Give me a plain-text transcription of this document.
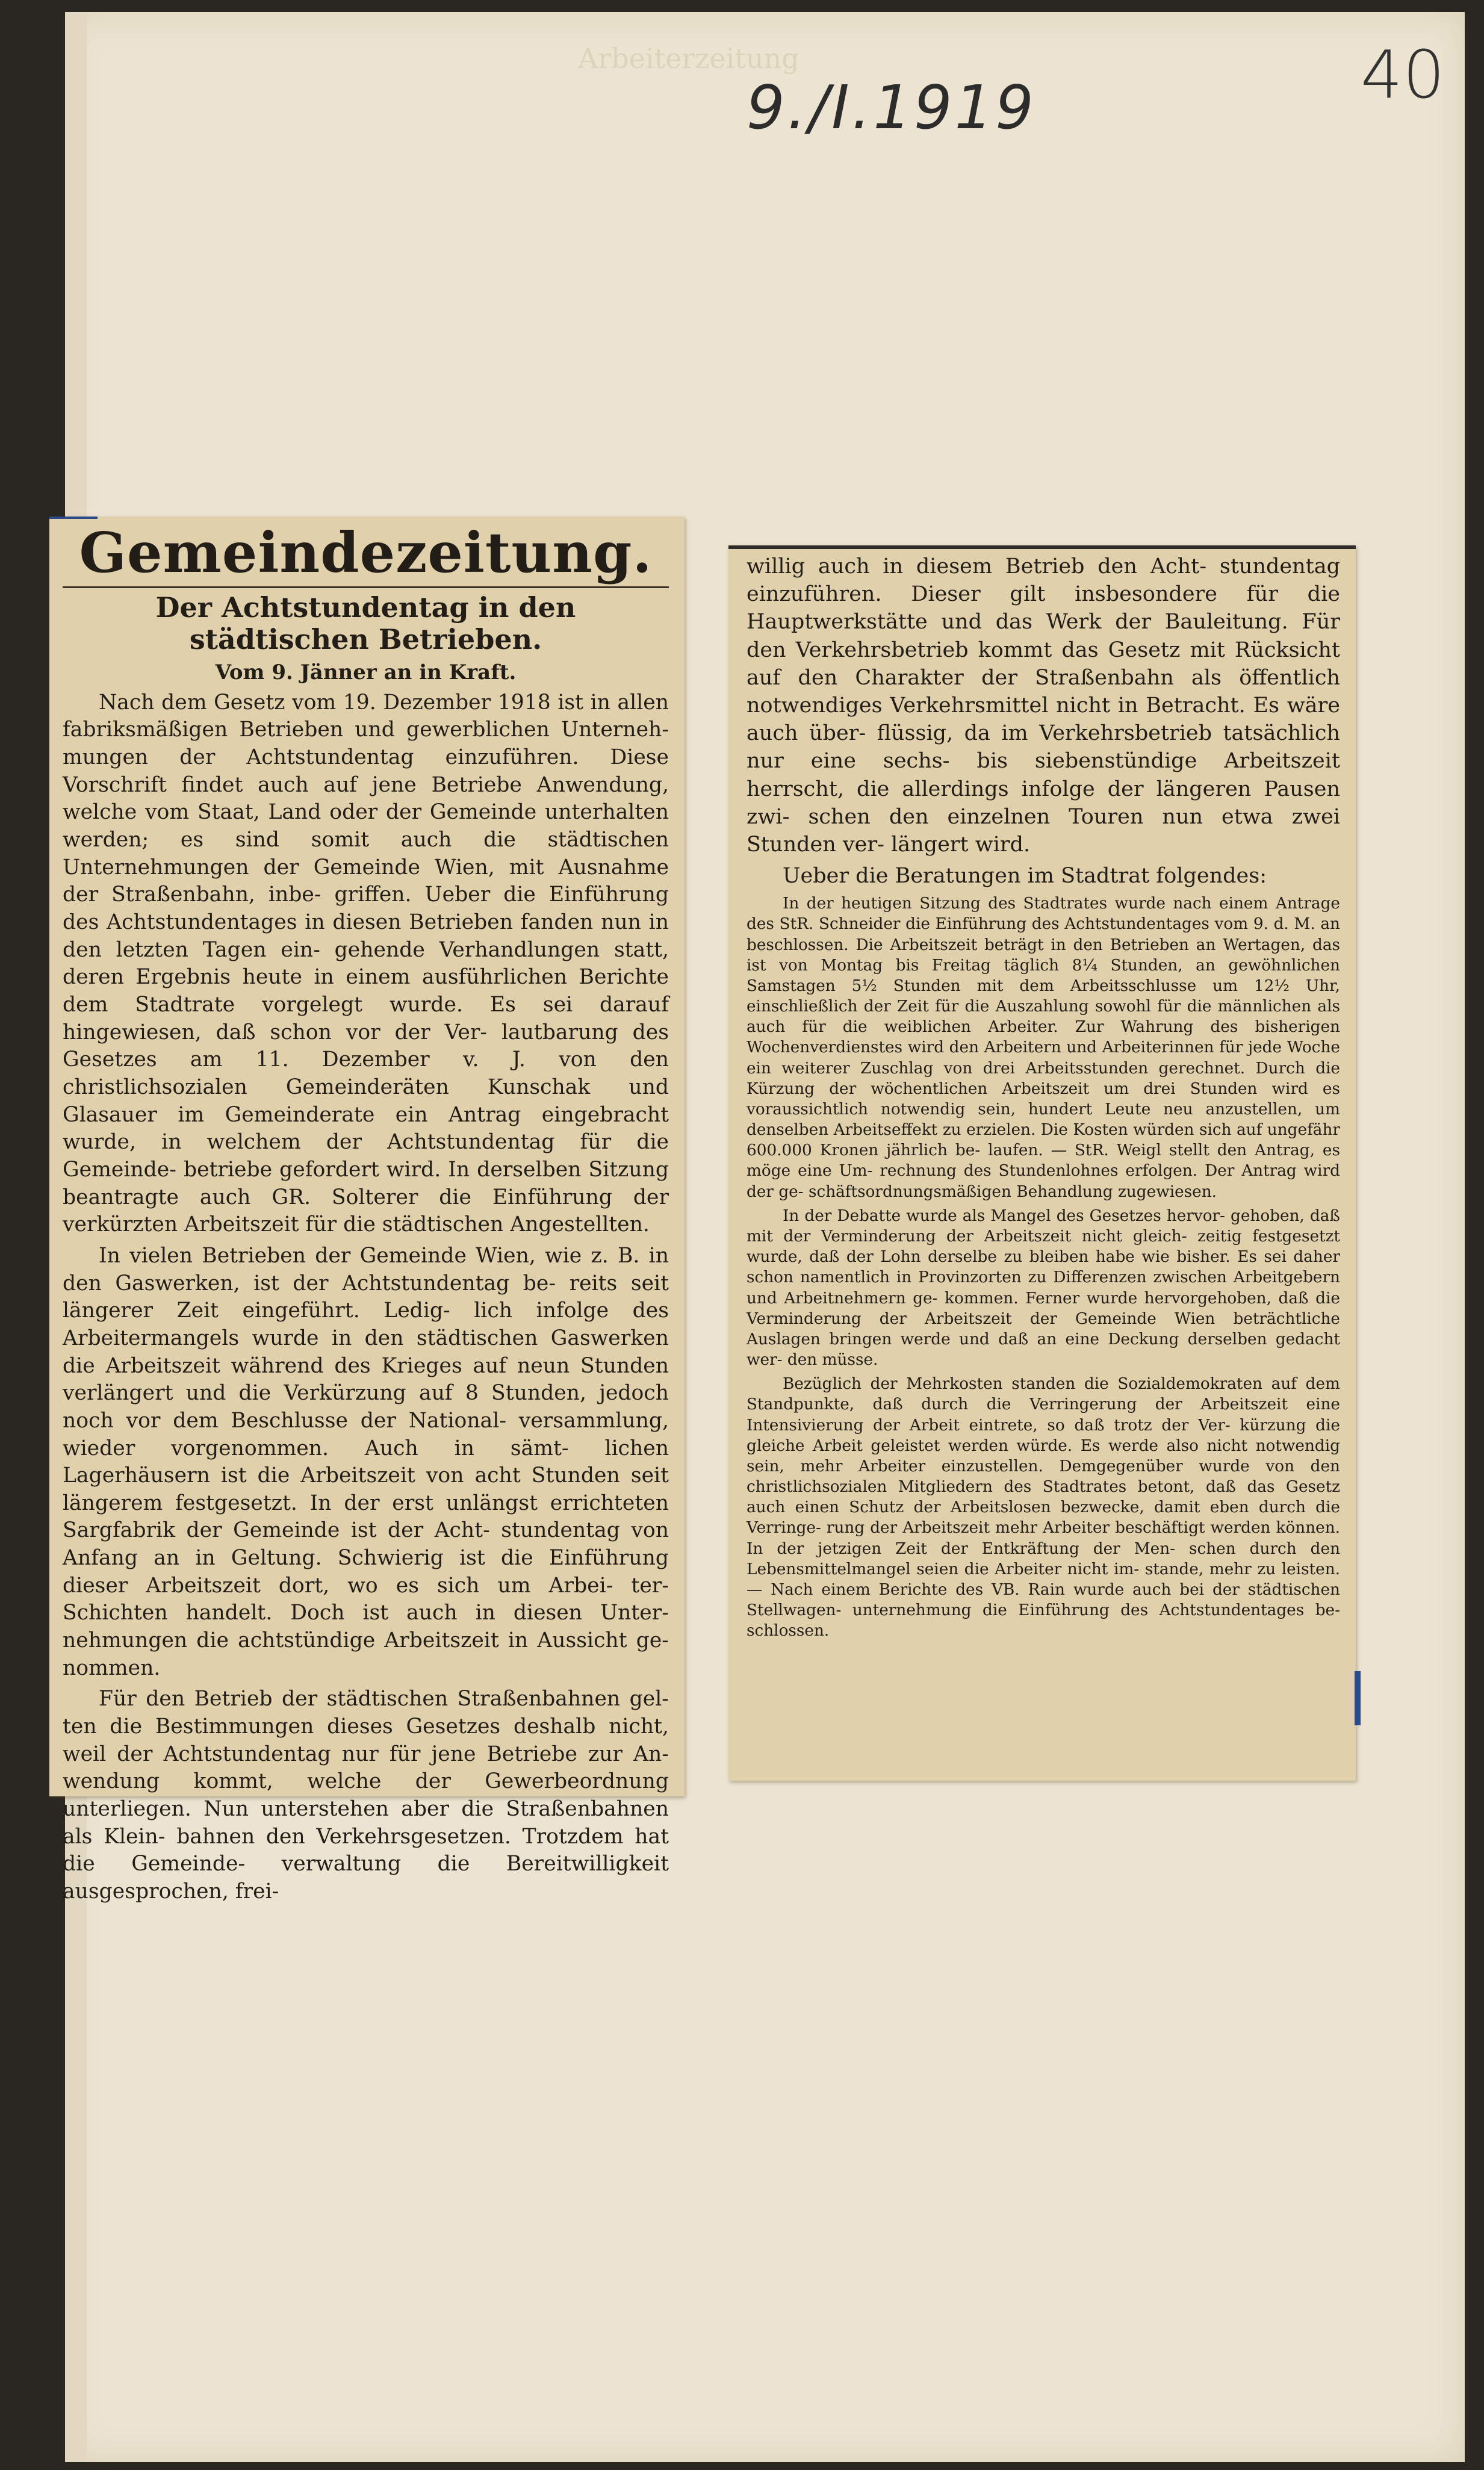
Arbeiterzeitung
9./I.1919	40
Gemeindezeitung.
Der Achtstundentag in den städtischen Betrieben.
Vom 9. Jänner an in Kraft.

Nach dem Gesetz vom 19. Dezember 1918 ist in allen fabriksmäßigen Betrieben und gewerblichen Unterneh- mungen der Achtstundentag einzuführen. Diese Vorschrift findet auch auf jene Betriebe Anwendung, welche vom Staat, Land oder der Gemeinde unterhalten werden; es sind somit auch die städtischen Unternehmungen der Gemeinde Wien, mit Ausnahme der Straßenbahn, inbe- griffen. Ueber die Einführung des Achtstundentages in diesen Betrieben fanden nun in den letzten Tagen ein- gehende Verhandlungen statt, deren Ergebnis heute in einem ausführlichen Berichte dem Stadtrate vorgelegt wurde. Es sei darauf hingewiesen, daß schon vor der Ver- lautbarung des Gesetzes am 11. Dezember v. J. von den christlichsozialen Gemeinderäten Kunschak und Glasauer im Gemeinderate ein Antrag eingebracht wurde, in welchem der Achtstundentag für die Gemeinde- betriebe gefordert wird. In derselben Sitzung beantragte auch GR. Solterer die Einführung der verkürzten Arbeitszeit für die städtischen Angestellten.

In vielen Betrieben der Gemeinde Wien, wie z. B. in den Gaswerken, ist der Achtstundentag be- reits seit längerer Zeit eingeführt. Ledig- lich infolge des Arbeitermangels wurde in den städtischen Gaswerken die Arbeitszeit während des Krieges auf neun Stunden verlängert und die Verkürzung auf 8 Stunden, jedoch noch vor dem Beschlusse der National- versammlung, wieder vorgenommen. Auch in sämt- lichen Lagerhäusern ist die Arbeitszeit von acht Stunden seit längerem festgesetzt. In der erst unlängst errichteten Sargfabrik der Gemeinde ist der Acht- stundentag von Anfang an in Geltung. Schwierig ist die Einführung dieser Arbeitszeit dort, wo es sich um Arbei- ter-Schichten handelt. Doch ist auch in diesen Unter- nehmungen die achtstündige Arbeitszeit in Aussicht ge- nommen.

Für den Betrieb der städtischen Straßenbahnen gel- ten die Bestimmungen dieses Gesetzes deshalb nicht, weil der Achtstundentag nur für jene Betriebe zur An- wendung kommt, welche der Gewerbeordnung unterliegen. Nun unterstehen aber die Straßenbahnen als Klein- bahnen den Verkehrsgesetzen. Trotzdem hat die Gemeinde- verwaltung die Bereitwilligkeit ausgesprochen, frei-

willig auch in diesem Betrieb den Acht- stundentag einzuführen. Dieser gilt insbesondere für die Hauptwerkstätte und das Werk der Bauleitung. Für den Verkehrsbetrieb kommt das Gesetz mit Rücksicht auf den Charakter der Straßenbahn als öffentlich notwendiges Verkehrsmittel nicht in Betracht. Es wäre auch über- flüssig, da im Verkehrsbetrieb tatsächlich nur eine sechs- bis siebenstündige Arbeitszeit herrscht, die allerdings infolge der längeren Pausen zwi- schen den einzelnen Touren nun etwa zwei Stunden ver- längert wird.

Ueber die Beratungen im Stadtrat folgendes:

In der heutigen Sitzung des Stadtrates wurde nach einem Antrage des StR. Schneider die Einführung des Achtstundentages vom 9. d. M. an beschlossen. Die Arbeitszeit beträgt in den Betrieben an Wertagen, das ist von Montag bis Freitag täglich 8¼ Stunden, an gewöhnlichen Samstagen 5½ Stunden mit dem Arbeitsschlusse um 12½ Uhr, einschließlich der Zeit für die Auszahlung sowohl für die männlichen als auch für die weiblichen Arbeiter. Zur Wahrung des bisherigen Wochenverdienstes wird den Arbeitern und Arbeiterinnen für jede Woche ein weiterer Zuschlag von drei Arbeitsstunden gerechnet. Durch die Kürzung der wöchentlichen Arbeitszeit um drei Stunden wird es voraussichtlich notwendig sein, hundert Leute neu anzustellen, um denselben Arbeitseffekt zu erzielen. Die Kosten würden sich auf ungefähr 600.000 Kronen jährlich be- laufen. — StR. Weigl stellt den Antrag, es möge eine Um- rechnung des Stundenlohnes erfolgen. Der Antrag wird der ge- schäftsordnungsmäßigen Behandlung zugewiesen.

In der Debatte wurde als Mangel des Gesetzes hervor- gehoben, daß mit der Verminderung der Arbeitszeit nicht gleich- zeitig festgesetzt wurde, daß der Lohn derselbe zu bleiben habe wie bisher. Es sei daher schon namentlich in Provinzorten zu Differenzen zwischen Arbeitgebern und Arbeitnehmern ge- kommen. Ferner wurde hervorgehoben, daß die Verminderung der Arbeitszeit der Gemeinde Wien beträchtliche Auslagen bringen werde und daß an eine Deckung derselben gedacht wer- den müsse.

Bezüglich der Mehrkosten standen die Sozialdemokraten auf dem Standpunkte, daß durch die Verringerung der Arbeitszeit eine Intensivierung der Arbeit eintrete, so daß trotz der Ver- kürzung die gleiche Arbeit geleistet werden würde. Es werde also nicht notwendig sein, mehr Arbeiter einzustellen. Demgegenüber wurde von den christlichsozialen Mitgliedern des Stadtrates betont, daß das Gesetz auch einen Schutz der Arbeitslosen bezwecke, damit eben durch die Verringe- rung der Arbeitszeit mehr Arbeiter beschäftigt werden können. In der jetzigen Zeit der Entkräftung der Men- schen durch den Lebensmittelmangel seien die Arbeiter nicht im- stande, mehr zu leisten. — Nach einem Berichte des VB. Rain wurde auch bei der städtischen Stellwagen- unternehmung die Einführung des Achtstundentages be- schlossen.
